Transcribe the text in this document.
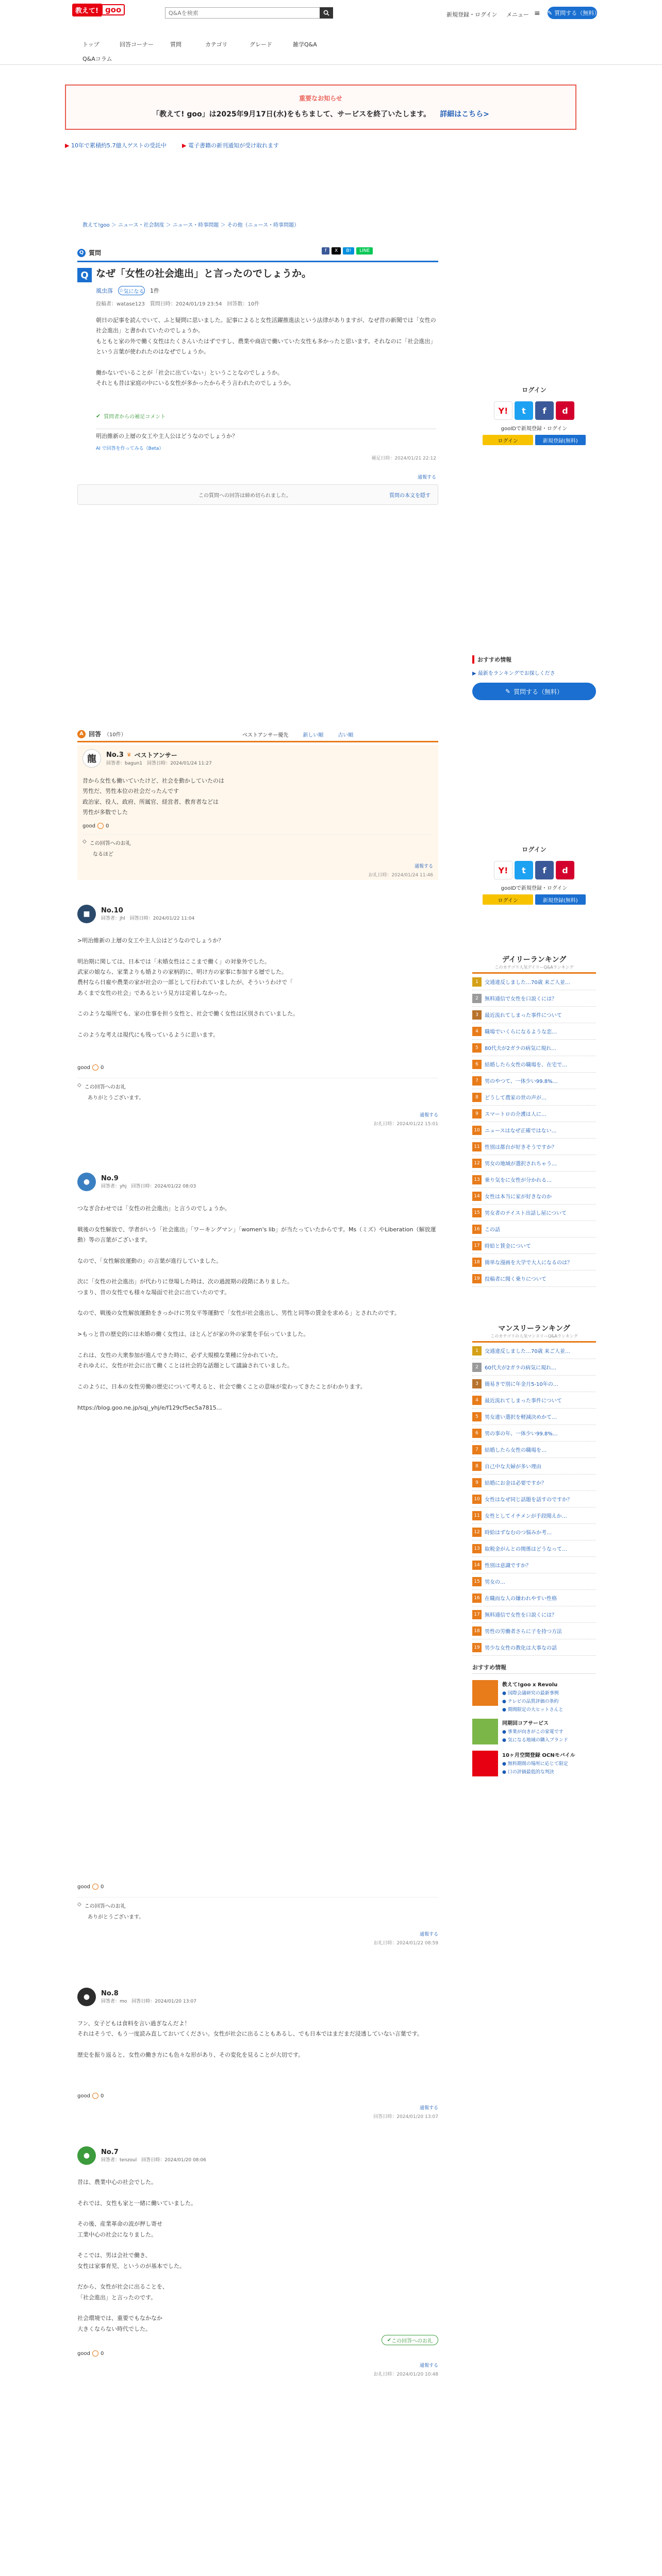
教えて! goo
Q&Aを検索
新規登録・ログイン メニュー ≡ ✎ 質問する（無料）
トップ	回答コーナー	質問	カテゴリ	グレード	雑学Q&A
Q&Aコラム
重要なお知らせ
「教えて! goo」は2025年9月17日(水)をもちまして、サービスを終了いたします。 詳細はこちら>
▶ 10年で累積約5.7億人ゲストの受託中	▶ 電子書籍の新刊通知が受け取れます
教えて!goo ＞ ニュース・社会制度 ＞ ニュース・時事問題 ＞ その他（ニュース・時事問題）
Q 質問	f	X	B!	LINE
Q なぜ「女性の社会進出」と言ったのでしょうか。
風虫落 ☆ 気になる 1件
投稿者：watase123　質問日時：2024/01/19 23:54　回答数：10件
朝日の記事を読んでいて、ふと疑問に思いました。記事によると女性活躍推進法という法律がありますが、なぜ昔の新聞では「女性の社会進出」と書かれていたのでしょうか。
もともと家の外で働く女性はたくさんいたはずですし、農業や商店で働いていた女性も多かったと思います。それなのに「社会進出」という言葉が使われたのはなぜでしょうか。

働かないでいることが「社会に出ていない」ということなのでしょうか。
それとも昔は家庭の中にいる女性が多かったからそう言われたのでしょうか。
✔ 質問者からの補足コメント
明治維新の上層の女工や主人公はどうなのでしょうか？
AI で回答を作ってみる（Beta）
補足日時：2024/01/21 22:12
通報する
この質問への回答は締め切られました。	質問の本文を隠す
ログイン
Y!	t	f	d
gooIDで新規登録・ログイン
ログイン	新規登録(無料)
おすすめ情報
▶ 最新をランキングでお探しくださ
✎ 質問する（無料）
A 回答 （10件）	ベストアンサー優先	新しい順	古い順
龍	No.3 ♛ ベストアンサー
回答者：bagun1　回答日時：2024/01/24 11:27
昔から女性も働いていたけど、社会を動かしていたのは
男性だ、男性本位の社会だったんです
政治家、役人、政府、所属官、経営者、教育者などは
男性が多数でした
good 0
◇ この回答へのお礼
なるほど
通報する
お礼日時：2024/01/24 11:46
■	No.10
回答者：jhl　回答日時：2024/01/22 11:04
>明治維新の上層の女工や主人公はどうなのでしょうか？

明治期に関しては、日本では「未婚女性はここまで働く」の対象外でした。
武家の娘なら、家業よりも婚よりの家柄的に、明け方の家事に参加する層でした。
農村なら日雇や農業の家が社会の一部として行われていましたが、そういうわけで「
あくまで女性の社会」であるという見方は定着しなかった。

このような場所でも、家の仕事を担う女性と、社会で働く女性は区別されていました。

このような考えは現代にも残っているように思います。
good 0
◇ この回答へのお礼
ありがとうございます。
通報する
お礼日時：2024/01/22 15:01
●	No.9
回答者：yhj　回答日時：2024/01/22 08:03
つなぎ合わせでは「女性の社会進出」と言うのでしょうか。

戦後の女性解放で、学者がいう「社会進出」「ワーキングマン」「women's lib」が当たっていたからです。Ms（ミズ）やLiberation（解放運動）等の言葉がございます。

なので、「女性解放運動の」の言葉が進行していました。

次に「女性の社会進出」が代わりに登場した時は、次の過渡期の段階にありました。
つまり、昔の女性でも様々な場面で社会に出ていたのです。

なので、戦後の女性解放運動をきっかけに男女平等運動で「女性が社会進出し、男性と同等の賃金を求める」とされたのです。

>もっと昔の歴史的には未婚の働く女性は、ほとんどが家の外の家業を手伝っていました。

これは、女性の大衆参加が進んできた時に、必ず大規模な業種に分かれていた。
それゆえに、女性が社会に出て働くことは社会的な話題として議論されていました。

このように、日本の女性労働の歴史について考えると、社会で働くことの意味が変わってきたことがわかります。

https://blog.goo.ne.jp/sqj_yhj/e/f129cf5ec5a7815...
good 0
◇ この回答へのお礼
ありがとうございます。
通報する
お礼日時：2024/01/22 08:59
●	No.8
回答者：mo　回答日時：2024/01/20 13:07
フン、女子どもは食料を言い過ぎなんだよ！
それはそうで、もう一度読み直しておいてください。女性が社会に出ることもあるし、でも日本ではまだまだ浸透していない言葉です。

歴史を振り返ると、女性の働き方にも色々な形があり、その変化を見ることが大切です。
good 0
通報する
回答日時：2024/01/20 13:07
●	No.7
回答者：tenzoul　回答日時：2024/01/20 08:06
昔は、農業中心の社会でした。

それでは、女性も家と一緒に働いていました。

その後、産業革命の波が押し寄せ
工業中心の社会になりました。

そこでは、男は会社で働き、
女性は家事育児、というのが基本でした。

だから、女性が社会に出ることを、
「社会進出」と言ったのです。

社会環境では、重要でもなかなか
大きくならない時代でした。
✔ この回答へのお礼
good 0
通報する
お礼日時：2024/01/20 10:48
ログイン
Y!	t	f	d
gooIDで新規登録・ログイン
ログイン	新規登録(無料)
デイリーランキング
このカテゴリ人気デイリーQ&Aランキング
1	交通違反しました…70歳 来ご人並…
2	無料通信で女性を口説くには？
3	最近流れてしまった事件について
4	職場でいくらになるような恋…
5	80代夫が2ガラの病気に現れ…
6	結婚したら女性の職場を、在宅で…
7	男のやつて、一体少い99.8%…
8	どうして農家の世の声が…
9	スマートロの介護は人に…
10 ニュースはなぜ正確ではない…
11 性別は都台が好きそうですか？
12 男女の地域が選択されちゃう…
13 乗り気をに女性が分かれる…
14 女性は本当に家が好きなのか
15 男女者のテイスト出話し屋について
16 この話
17 時給と賃金について
18 簡単な漫画を大学で大人になるのは？
19 投稿者に聞く乗りについて
マンスリーランキング
このカテゴリの人気マンスリーQ&Aランキング
1	交通違反しました…70歳 来ご人並…
2	60代夫が2ガラの病気に現れ…
3	簡易きで別に年金月5-10年の…
4	最近流れてしまった事件について
5	男女違い選択を軽減決めかて…
6	男の事の年、一体少い99.8%…
7	結婚したら女性の職場を…
8	自己中な夫婦が多い理由
9	結婚にお金は必要ですか？
10 女性はなぜ同じ話題を話すのですか？
11 女性としてイチメンが手段聞えか…
12 時給はずなむのつ悩みか考…
13 取税金がんとの関係はどうなって…
14 性別は意識ですか？
15 男女の…
16 在職而な人の嫌われやすい性格
17 無料通信で女性を口説くには？
18 男性の労働者さらに子を持つ方法
19 男少な女性の教化は大事なの話
おすすめ情報
教えて!goo x Revolu
● 国際会議研究の最新事例
● テレビの品質評価の条約
● 期間限定の大ヒットさんと
同期回コアサービス
● 事業が向きがこの家電です
● 気になる地域の購入ブランド
10ヶ月空間登録 OCNモバイル
● 無料期間の場所に応じて限定
● 口の評価最低的な判決
